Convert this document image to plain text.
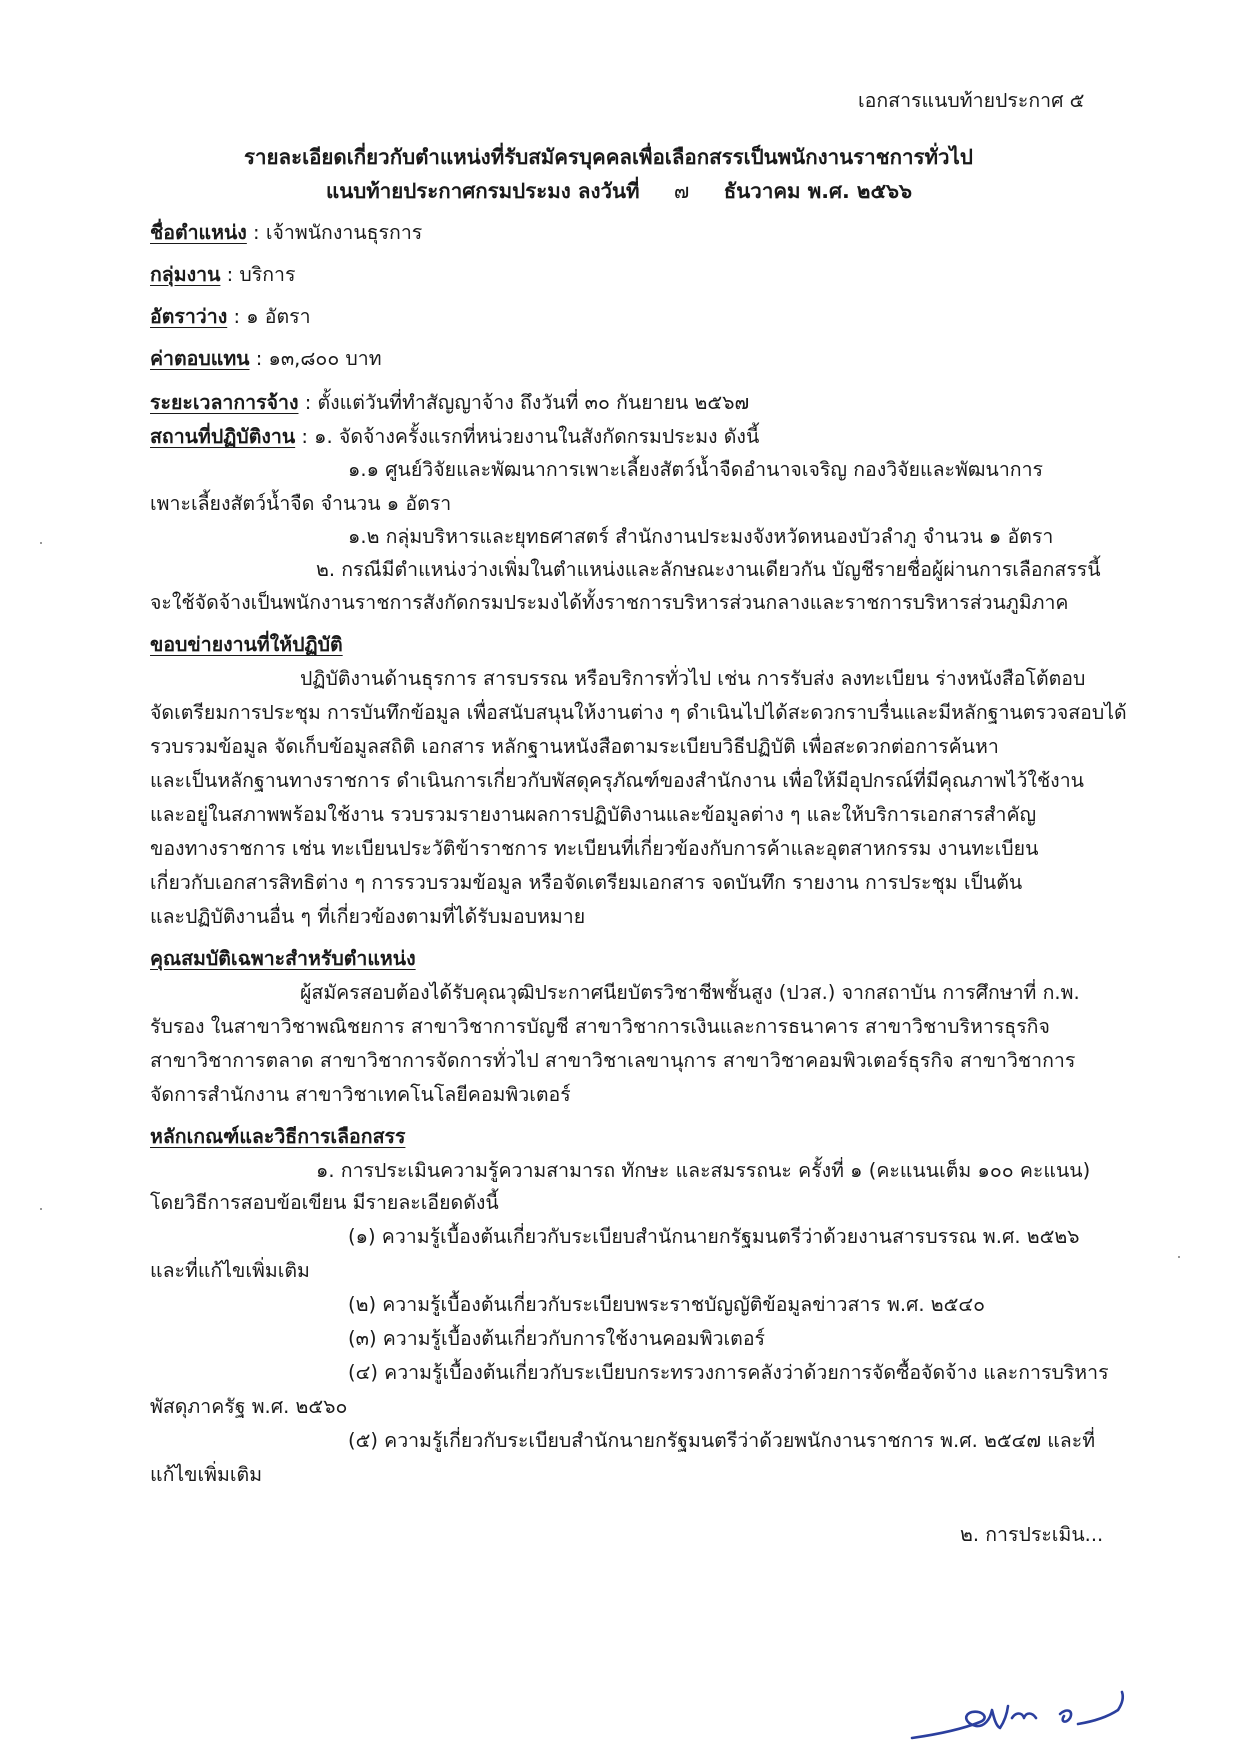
เอกสารแนบท้ายประกาศ ๕
รายละเอียดเกี่ยวกับตำแหน่งที่รับสมัครบุคคลเพื่อเลือกสรรเป็นพนักงานราชการทั่วไป
แนบท้ายประกาศกรมประมง ลงวันที่ ๗ ธันวาคม พ.ศ. ๒๕๖๖
ชื่อตำแหน่ง : เจ้าพนักงานธุรการ
กลุ่มงาน : บริการ
อัตราว่าง : ๑ อัตรา
ค่าตอบแทน : ๑๓,๘๐๐ บาท
ระยะเวลาการจ้าง : ตั้งแต่วันที่ทำสัญญาจ้าง ถึงวันที่ ๓๐ กันยายน ๒๕๖๗
สถานที่ปฏิบัติงาน : ๑. จัดจ้างครั้งแรกที่หน่วยงานในสังกัดกรมประมง ดังนี้
๑.๑ ศูนย์วิจัยและพัฒนาการเพาะเลี้ยงสัตว์น้ำจืดอำนาจเจริญ กองวิจัยและพัฒนาการ
เพาะเลี้ยงสัตว์น้ำจืด จำนวน ๑ อัตรา
๑.๒ กลุ่มบริหารและยุทธศาสตร์ สำนักงานประมงจังหวัดหนองบัวลำภู จำนวน ๑ อัตรา
๒. กรณีมีตำแหน่งว่างเพิ่มในตำแหน่งและลักษณะงานเดียวกัน บัญชีรายชื่อผู้ผ่านการเลือกสรรนี้
จะใช้จัดจ้างเป็นพนักงานราชการสังกัดกรมประมงได้ทั้งราชการบริหารส่วนกลางและราชการบริหารส่วนภูมิภาค
ขอบข่ายงานที่ให้ปฏิบัติ
ปฏิบัติงานด้านธุรการ สารบรรณ หรือบริการทั่วไป เช่น การรับส่ง ลงทะเบียน ร่างหนังสือโต้ตอบ
จัดเตรียมการประชุม การบันทึกข้อมูล เพื่อสนับสนุนให้งานต่าง ๆ ดำเนินไปได้สะดวกราบรื่นและมีหลักฐานตรวจสอบได้
รวบรวมข้อมูล จัดเก็บข้อมูลสถิติ เอกสาร หลักฐานหนังสือตามระเบียบวิธีปฏิบัติ เพื่อสะดวกต่อการค้นหา
และเป็นหลักฐานทางราชการ ดำเนินการเกี่ยวกับพัสดุครุภัณฑ์ของสำนักงาน เพื่อให้มีอุปกรณ์ที่มีคุณภาพไว้ใช้งาน
และอยู่ในสภาพพร้อมใช้งาน รวบรวมรายงานผลการปฏิบัติงานและข้อมูลต่าง ๆ และให้บริการเอกสารสำคัญ
ของทางราชการ เช่น ทะเบียนประวัติข้าราชการ ทะเบียนที่เกี่ยวข้องกับการค้าและอุตสาหกรรม งานทะเบียน
เกี่ยวกับเอกสารสิทธิต่าง ๆ การรวบรวมข้อมูล หรือจัดเตรียมเอกสาร จดบันทึก รายงาน การประชุม เป็นต้น
และปฏิบัติงานอื่น ๆ ที่เกี่ยวข้องตามที่ได้รับมอบหมาย
คุณสมบัติเฉพาะสำหรับตำแหน่ง
ผู้สมัครสอบต้องได้รับคุณวุฒิประกาศนียบัตรวิชาชีพชั้นสูง (ปวส.) จากสถาบัน การศึกษาที่ ก.พ.
รับรอง ในสาขาวิชาพณิชยการ สาขาวิชาการบัญชี สาขาวิชาการเงินและการธนาคาร สาขาวิชาบริหารธุรกิจ
สาขาวิชาการตลาด สาขาวิชาการจัดการทั่วไป สาขาวิชาเลขานุการ สาขาวิชาคอมพิวเตอร์ธุรกิจ สาขาวิชาการ
จัดการสำนักงาน สาขาวิชาเทคโนโลยีคอมพิวเตอร์
หลักเกณฑ์และวิธีการเลือกสรร
๑. การประเมินความรู้ความสามารถ ทักษะ และสมรรถนะ ครั้งที่ ๑ (คะแนนเต็ม ๑๐๐ คะแนน)
โดยวิธีการสอบข้อเขียน มีรายละเอียดดังนี้
(๑) ความรู้เบื้องต้นเกี่ยวกับระเบียบสำนักนายกรัฐมนตรีว่าด้วยงานสารบรรณ พ.ศ. ๒๕๒๖
และที่แก้ไขเพิ่มเติม
(๒) ความรู้เบื้องต้นเกี่ยวกับระเบียบพระราชบัญญัติข้อมูลข่าวสาร พ.ศ. ๒๕๔๐
(๓) ความรู้เบื้องต้นเกี่ยวกับการใช้งานคอมพิวเตอร์
(๔) ความรู้เบื้องต้นเกี่ยวกับระเบียบกระทรวงการคลังว่าด้วยการจัดซื้อจัดจ้าง และการบริหาร
พัสดุภาครัฐ พ.ศ. ๒๕๖๐
(๕) ความรู้เกี่ยวกับระเบียบสำนักนายกรัฐมนตรีว่าด้วยพนักงานราชการ พ.ศ. ๒๕๔๗ และที่
แก้ไขเพิ่มเติม
๒. การประเมิน...
